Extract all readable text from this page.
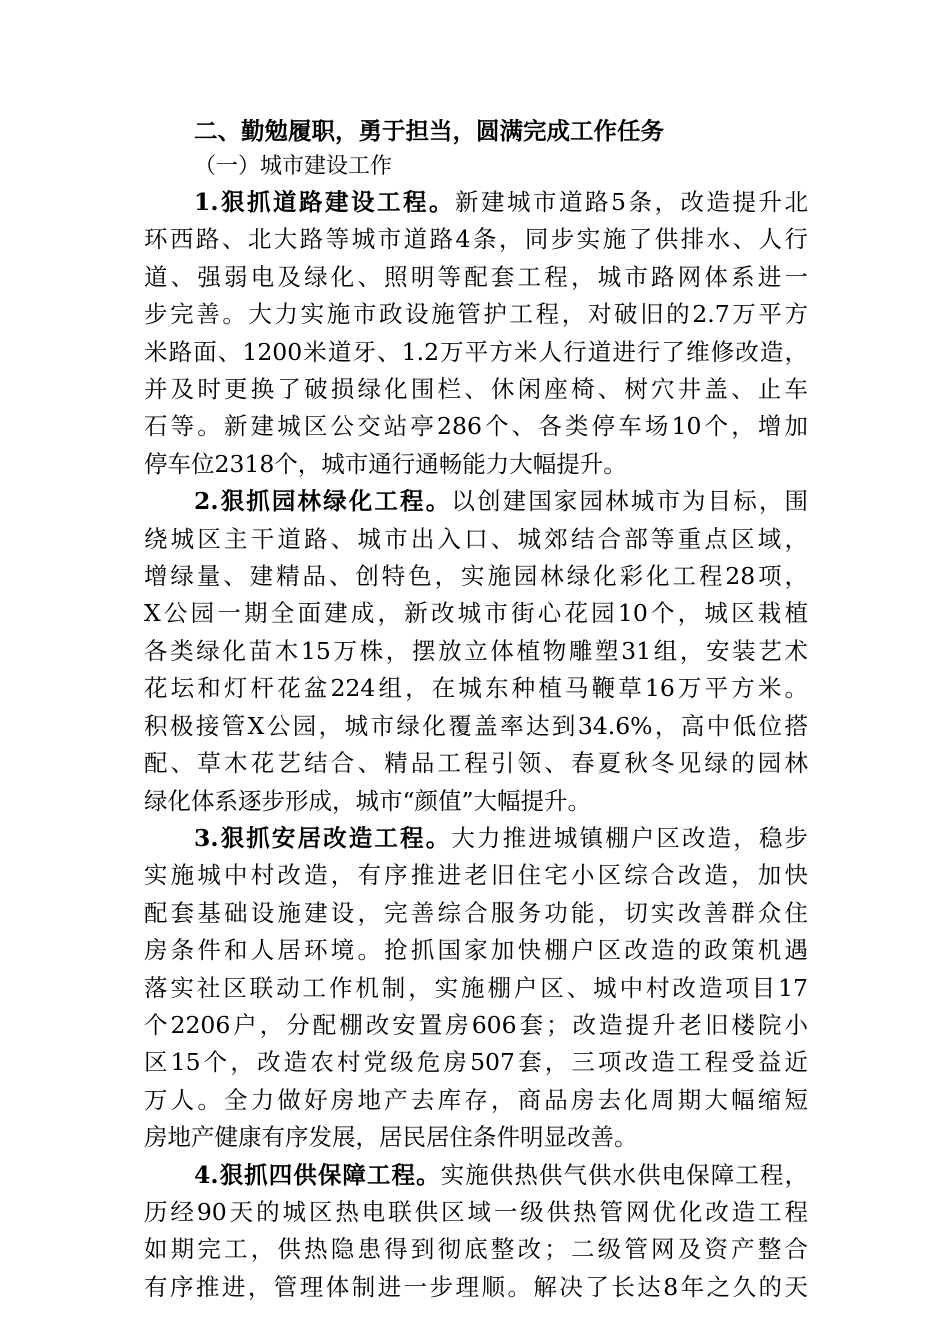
二、勤勉履职，勇于担当，圆满完成工作任务
（一）城市建设工作
1.狠抓道路建设工程。新建城市道路5条，改造提升北
环西路、北大路等城市道路4条，同步实施了供排水、人行
道、强弱电及绿化、照明等配套工程，城市路网体系进一
步完善。大力实施市政设施管护工程，对破旧的2.7万平方
米路面、1200米道牙、1.2万平方米人行道进行了维修改造，
并及时更换了破损绿化围栏、休闲座椅、树穴井盖、止车
石等。新建城区公交站亭286个、各类停车场10个，增加
停车位2318个，城市通行通畅能力大幅提升。
2.狠抓园林绿化工程。以创建国家园林城市为目标，围
绕城区主干道路、城市出入口、城郊结合部等重点区域，
增绿量、建精品、创特色，实施园林绿化彩化工程28项，
X公园一期全面建成，新改城市街心花园10个，城区栽植
各类绿化苗木15万株，摆放立体植物雕塑31组，安装艺术
花坛和灯杆花盆224组，在城东种植马鞭草16万平方米。
积极接管X公园，城市绿化覆盖率达到34.6%，高中低位搭
配、草木花艺结合、精品工程引领、春夏秋冬见绿的园林
绿化体系逐步形成，城市“颜值”大幅提升。
3.狠抓安居改造工程。大力推进城镇棚户区改造，稳步
实施城中村改造，有序推进老旧住宅小区综合改造，加快
配套基础设施建设，完善综合服务功能，切实改善群众住
房条件和人居环境。抢抓国家加快棚户区改造的政策机遇
落实社区联动工作机制，实施棚户区、城中村改造项目17
个2206户，分配棚改安置房606套；改造提升老旧楼院小
区15个，改造农村党级危房507套，三项改造工程受益近
万人。全力做好房地产去库存，商品房去化周期大幅缩短
房地产健康有序发展，居民居住条件明显改善。
4.狠抓四供保障工程。实施供热供气供水供电保障工程，
历经90天的城区热电联供区域一级供热管网优化改造工程
如期完工，供热隐患得到彻底整改；二级管网及资产整合
有序推进，管理体制进一步理顺。解决了长达8年之久的天
